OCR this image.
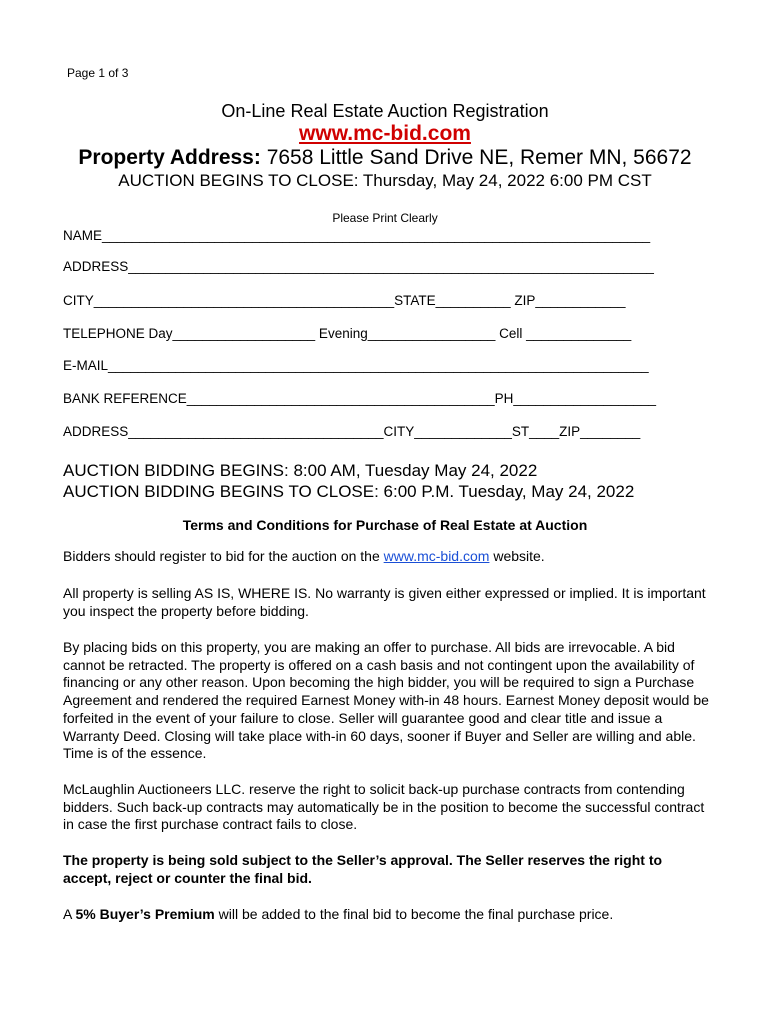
Page 1 of 3
On-Line Real Estate Auction Registration
www.mc-bid.com
Property Address: 7658 Little Sand Drive NE, Remer MN, 56672
AUCTION BEGINS TO CLOSE: Thursday, May 24, 2022 6:00 PM CST
Please Print Clearly
NAME_________________________________________________________________________
ADDRESS______________________________________________________________________
CITY________________________________________STATE__________ ZIP____________
TELEPHONE Day___________________ Evening_________________ Cell ______________
E-MAIL________________________________________________________________________
BANK REFERENCE_________________________________________PH___________________
ADDRESS__________________________________CITY_____________ST____ZIP________
AUCTION BIDDING BEGINS: 8:00 AM, Tuesday May 24, 2022
AUCTION BIDDING BEGINS TO CLOSE: 6:00 P.M. Tuesday, May 24, 2022
Terms and Conditions for Purchase of Real Estate at Auction
Bidders should register to bid for the auction on the www.mc-bid.com website.
All property is selling AS IS, WHERE IS. No warranty is given either expressed or implied. It is important you inspect the property before bidding.
By placing bids on this property, you are making an offer to purchase. All bids are irrevocable. A bid cannot be retracted. The property is offered on a cash basis and not contingent upon the availability of financing or any other reason. Upon becoming the high bidder, you will be required to sign a Purchase Agreement and rendered the required Earnest Money with-in 48 hours. Earnest Money deposit would be forfeited in the event of your failure to close. Seller will guarantee good and clear title and issue a Warranty Deed. Closing will take place with-in 60 days, sooner if Buyer and Seller are willing and able. Time is of the essence.
McLaughlin Auctioneers LLC. reserve the right to solicit back-up purchase contracts from contending bidders. Such back-up contracts may automatically be in the position to become the successful contract in case the first purchase contract fails to close.
The property is being sold subject to the Seller’s approval. The Seller reserves the right to accept, reject or counter the final bid.
A 5% Buyer’s Premium will be added to the final bid to become the final purchase price.
